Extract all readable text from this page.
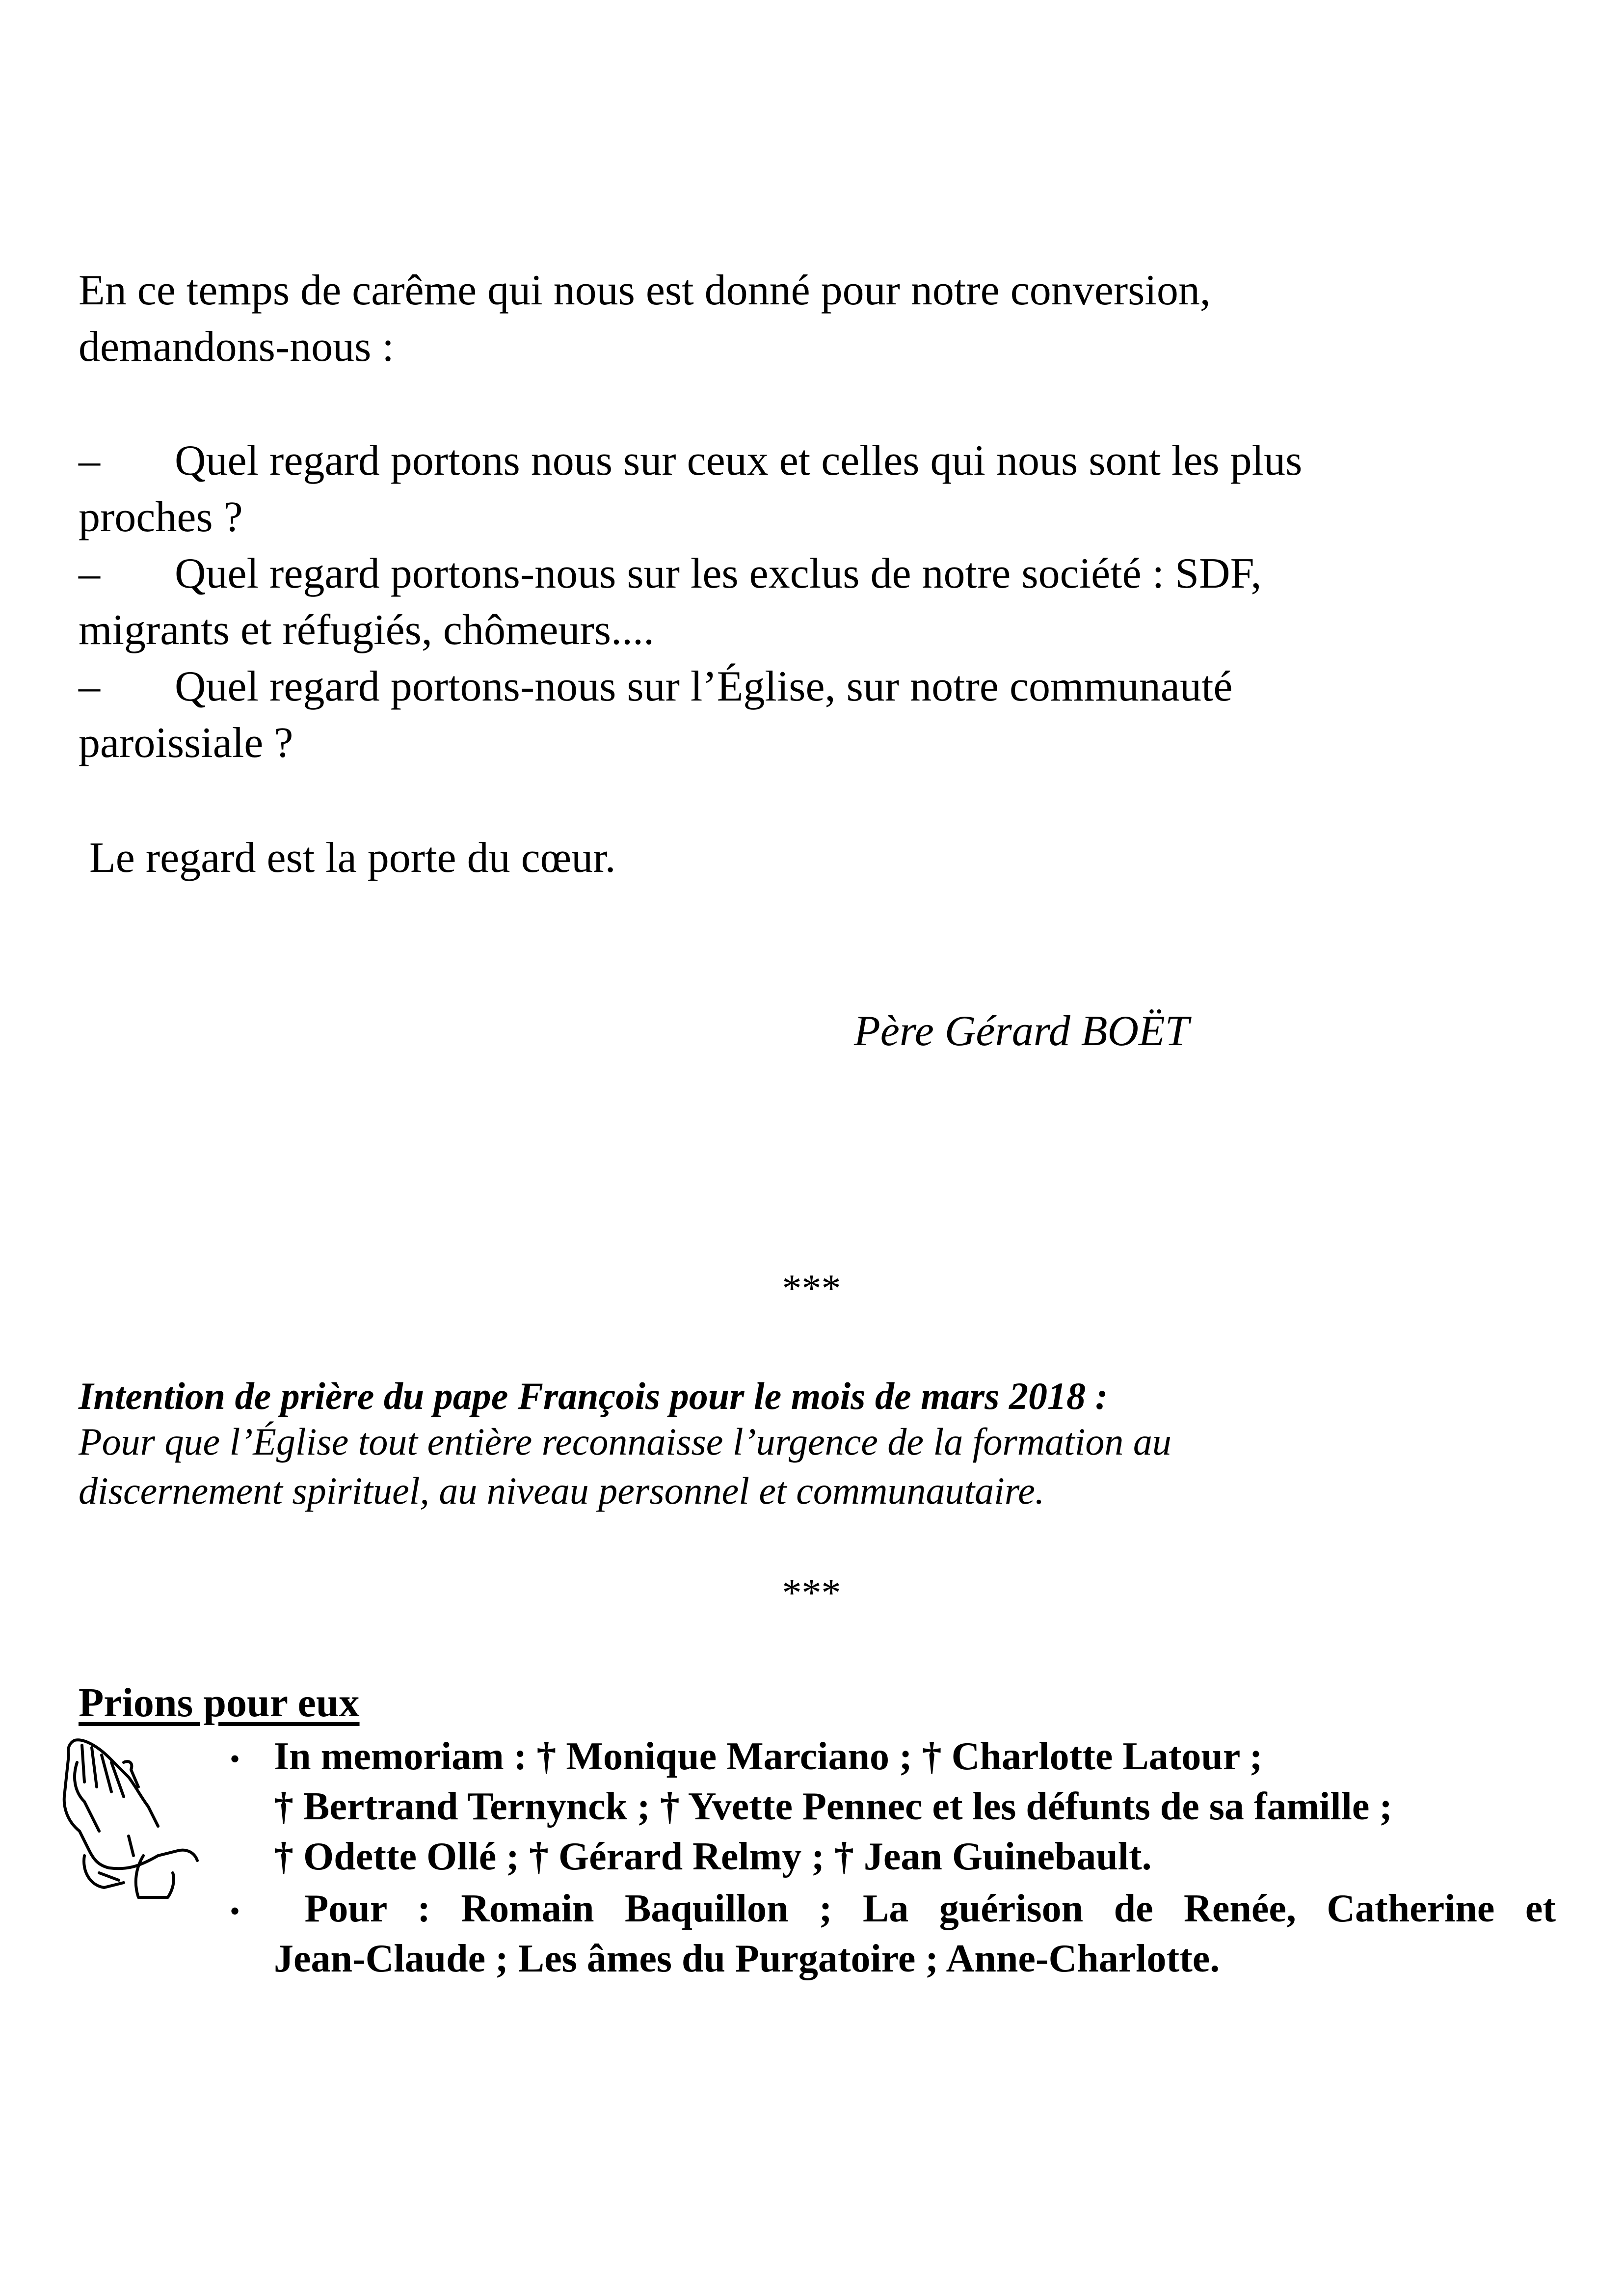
En ce temps de carême qui nous est donné pour notre conversion,
demandons-nous :
– Quel regard portons nous sur ceux et celles qui nous sont les plus
proches ?
– Quel regard portons-nous sur les exclus de notre société : SDF,
migrants et réfugiés, chômeurs....
– Quel regard portons-nous sur l’Église, sur notre communauté
paroissiale ?
Le regard est la porte du cœur.
Père Gérard BOËT
***
Intention de prière du pape François pour le mois de mars 2018 :
Pour que l’Église tout entière reconnaisse l’urgence de la formation au
discernement spirituel, au niveau personnel et communautaire.
***
Prions pour eux
• In memoriam : † Monique Marciano ; † Charlotte Latour ;
† Bertrand Ternynck ; † Yvette Pennec et les défunts de sa famille ;
† Odette Ollé ; † Gérard Relmy ; † Jean Guinebault.
• Pour : Romain Baquillon ; La guérison de Renée, Catherine et
Jean-Claude ; Les âmes du Purgatoire ; Anne-Charlotte.
